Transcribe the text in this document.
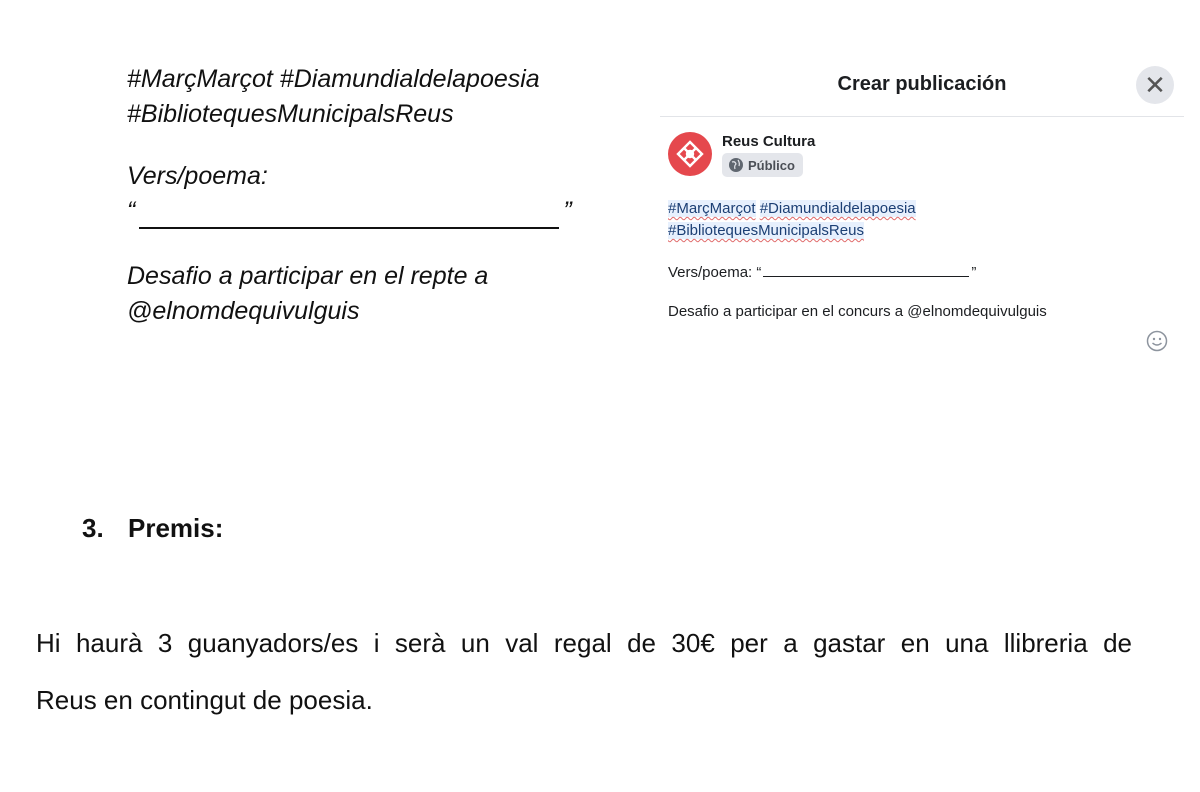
#MarçMarçot #Diamundialdelapoesia
#BibliotequesMunicipalsReus
Vers/poema:
“	”
Desafio a participar en el repte a
@elnomdequivulguis
Crear publicación	✕
Reus Cultura
Público
#MarçMarçot #Diamundialdelapoesia
#BibliotequesMunicipalsReus
Vers/poema: “	”
Desafio a participar en el concurs a @elnomdequivulguis
3. Premis:
Hi haurà 3 guanyadors/es i serà un val regal de 30€ per a gastar en una llibreria de
Reus en contingut de poesia.
